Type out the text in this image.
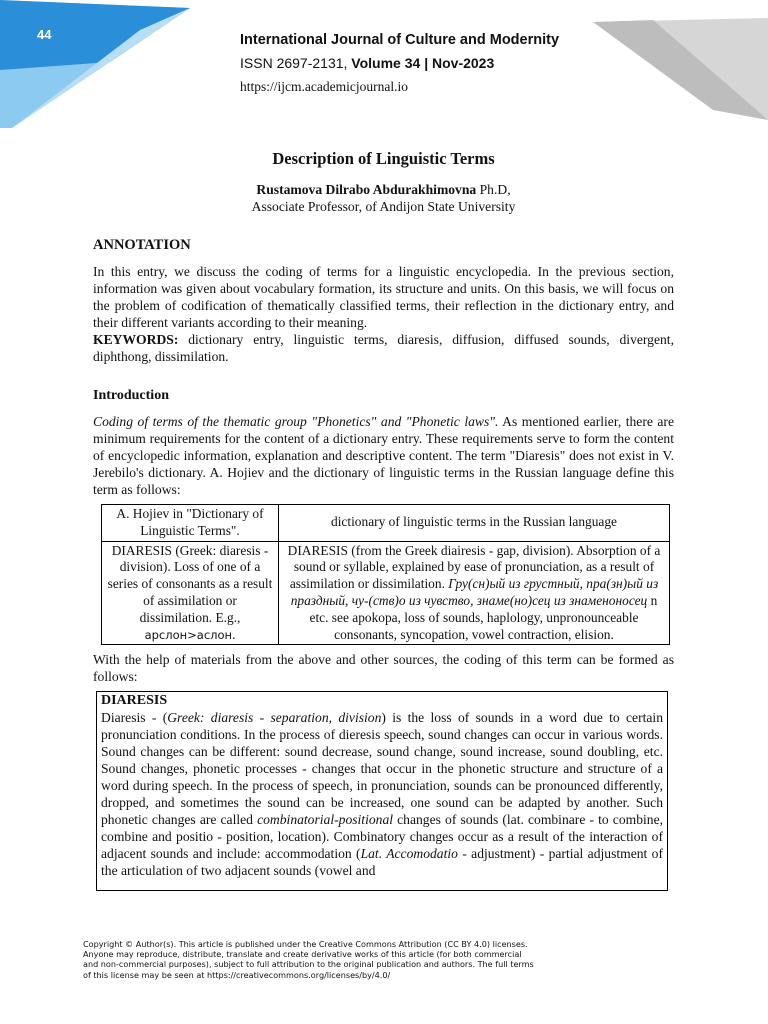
44	International Journal of Culture and Modernity
ISSN 2697-2131, Volume 34 | Nov-2023
https://ijcm.academicjournal.io
Description of Linguistic Terms

Rustamova Dilrabo Abdurakhimovna Ph.D,

Associate Professor, of Andijon State University

ANNOTATION

In this entry, we discuss the coding of terms for a linguistic encyclopedia. In the previous section, information was given about vocabulary formation, its structure and units. On this basis, we will focus on the problem of codification of thematically classified terms, their reflection in the dictionary entry, and their different variants according to their meaning.

KEYWORDS: dictionary entry, linguistic terms, diaresis, diffusion, diffused sounds, divergent, diphthong, dissimilation.

Introduction

Coding of terms of the thematic group "Phonetics" and "Phonetic laws". As mentioned earlier, there are minimum requirements for the content of a dictionary entry. These requirements serve to form the content of encyclopedic information, explanation and descriptive content. The term "Diaresis" does not exist in V. Jerebilo's dictionary. A. Hojiev and the dictionary of linguistic terms in the Russian language define this term as follows:

A. Hojiev in "Dictionary of Linguistic Terms".	dictionary of linguistic terms in the Russian language
DIARESIS (Greek: diaresis - division). Loss of one of a series of consonants as a result of assimilation or dissimilation. E.g., арслон>аслон.	DIARESIS (from the Greek diairesis - gap, division). Absorption of a sound or syllable, explained by ease of pronunciation, as a result of assimilation or dissimilation. Гру(сн)ый из грустный, пра(зн)ый из праздный, чу-(ств)о из чувство, знаме(но)сец из знаменоносец n etc. see apokopa, loss of sounds, haplology, unpronounceable consonants, syncopation, vowel contraction, elision.

With the help of materials from the above and other sources, the coding of this term can be formed as follows:

DIARESIS

Diaresis - (Greek: diaresis - separation, division) is the loss of sounds in a word due to certain pronunciation conditions. In the process of dieresis speech, sound changes can occur in various words. Sound changes can be different: sound decrease, sound change, sound increase, sound doubling, etc. Sound changes, phonetic processes - changes that occur in the phonetic structure and structure of a word during speech. In the process of speech, in pronunciation, sounds can be pronounced differently, dropped, and sometimes the sound can be increased, one sound can be adapted by another. Such phonetic changes are called combinatorial-positional changes of sounds (lat. combinare - to combine, combine and positio - position, location). Combinatory changes occur as a result of the interaction of adjacent sounds and include: accommodation (Lat. Accomodatio - adjustment) - partial adjustment of the articulation of two adjacent sounds (vowel and

Copyright © Author(s). This article is published under the Creative Commons Attribution (CC BY 4.0) licenses.
Anyone may reproduce, distribute, translate and create derivative works of this article (for both commercial
and non-commercial purposes), subject to full attribution to the original publication and authors. The full terms
of this license may be seen at https://creativecommons.org/licenses/by/4.0/
